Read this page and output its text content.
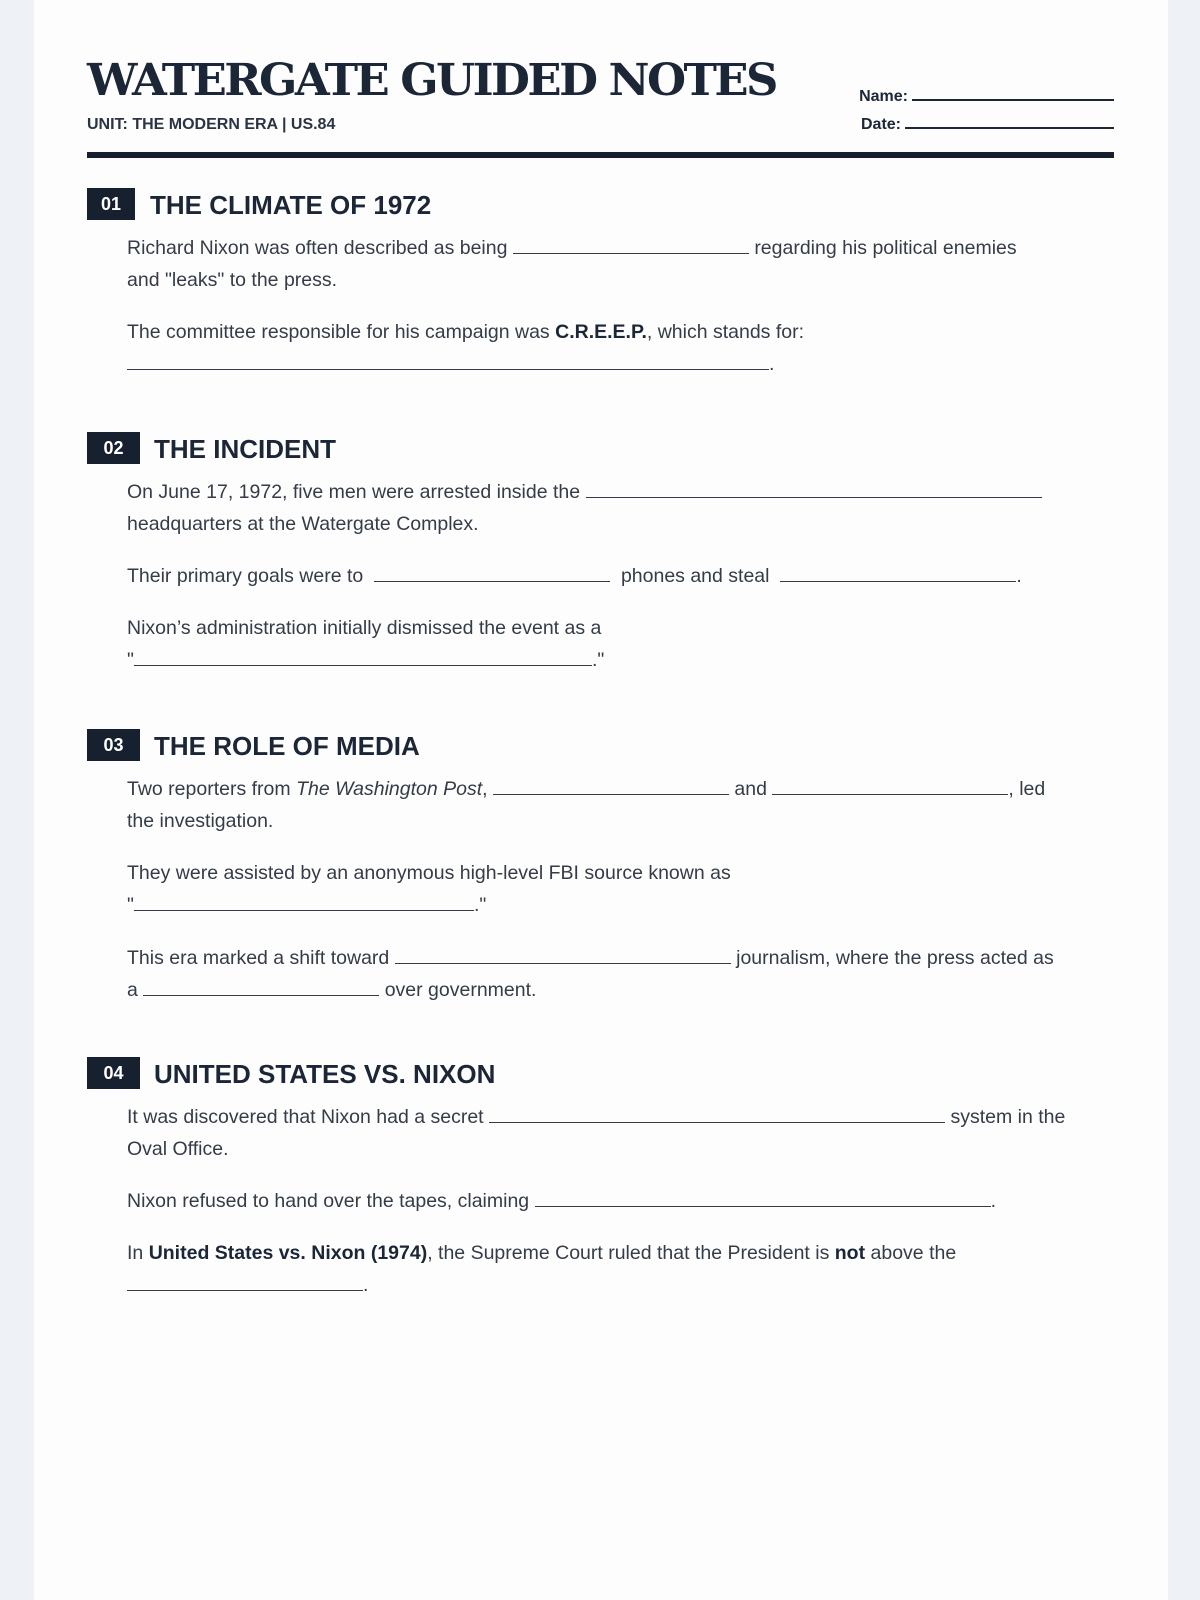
WATERGATE GUIDED NOTES
UNIT: THE MODERN ERA | US.84
Name:
Date:
01	THE CLIMATE OF 1972
Richard Nixon was often described as being	regarding his political enemies
and "leaks" to the press.
The committee responsible for his campaign was C.R.E.E.P., which stands for:
.
02	THE INCIDENT
On June 17, 1972, five men were arrested inside the
headquarters at the Watergate Complex.
Their primary goals were to	phones and steal	.
Nixon’s administration initially dismissed the event as a
"	."
03	THE ROLE OF MEDIA
Two reporters from The Washington Post,	and	, led
the investigation.
They were assisted by an anonymous high-level FBI source known as
"	."
This era marked a shift toward	journalism, where the press acted as
a	over government.
04	UNITED STATES VS. NIXON
It was discovered that Nixon had a secret	system in the
Oval Office.
Nixon refused to hand over the tapes, claiming	.
In United States vs. Nixon (1974), the Supreme Court ruled that the President is not above the
.
